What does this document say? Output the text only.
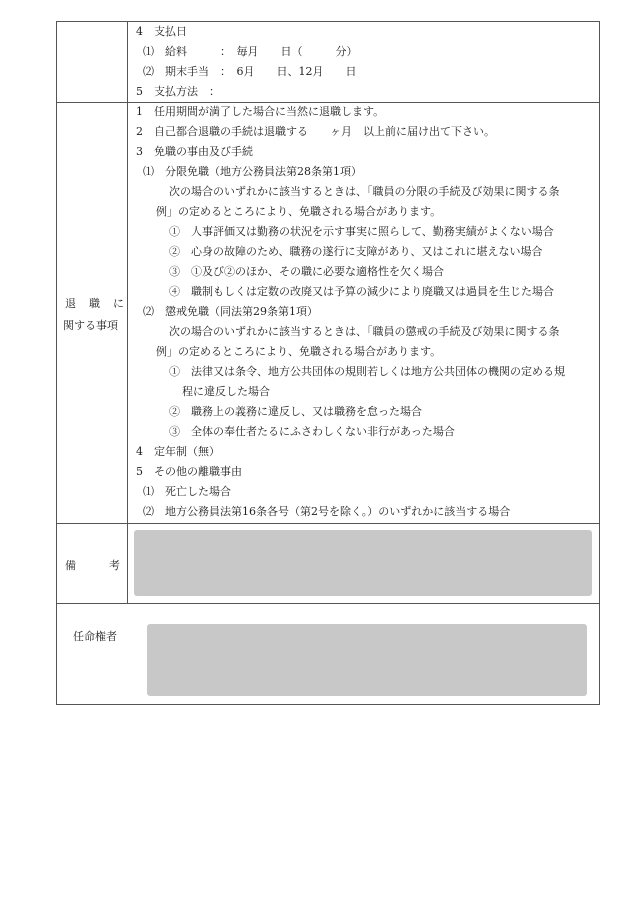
4　支払日
⑴　給料　　　：　毎月　　日（　　　分）
⑵　期末手当　：　6月　　日、12月　　日
5　支払方法　：
退　職　に
関する事項
1　任用期間が満了した場合に当然に退職します。
2　自己都合退職の手続は退職する　　ヶ月　以上前に届け出て下さい。
3　免職の事由及び手続
⑴　分限免職（地方公務員法第28条第1項）
次の場合のいずれかに該当するときは、「職員の分限の手続及び効果に関する条
例」の定めるところにより、免職される場合があります。
①　人事評価又は勤務の状況を示す事実に照らして、勤務実績がよくない場合
②　心身の故障のため、職務の遂行に支障があり、又はこれに堪えない場合
③　①及び②のほか、その職に必要な適格性を欠く場合
④　職制もしくは定数の改廃又は予算の減少により廃職又は過員を生じた場合
⑵　懲戒免職（同法第29条第1項）
次の場合のいずれかに該当するときは、「職員の懲戒の手続及び効果に関する条
例」の定めるところにより、免職される場合があります。
①　法律又は条令、地方公共団体の規則若しくは地方公共団体の機関の定める規
程に違反した場合
②　職務上の義務に違反し、又は職務を怠った場合
③　全体の奉仕者たるにふさわしくない非行があった場合
4　定年制（無）
5　その他の離職事由
⑴　死亡した場合
⑵　地方公務員法第16条各号（第2号を除く。）のいずれかに該当する場合
備　　　考
任命権者
